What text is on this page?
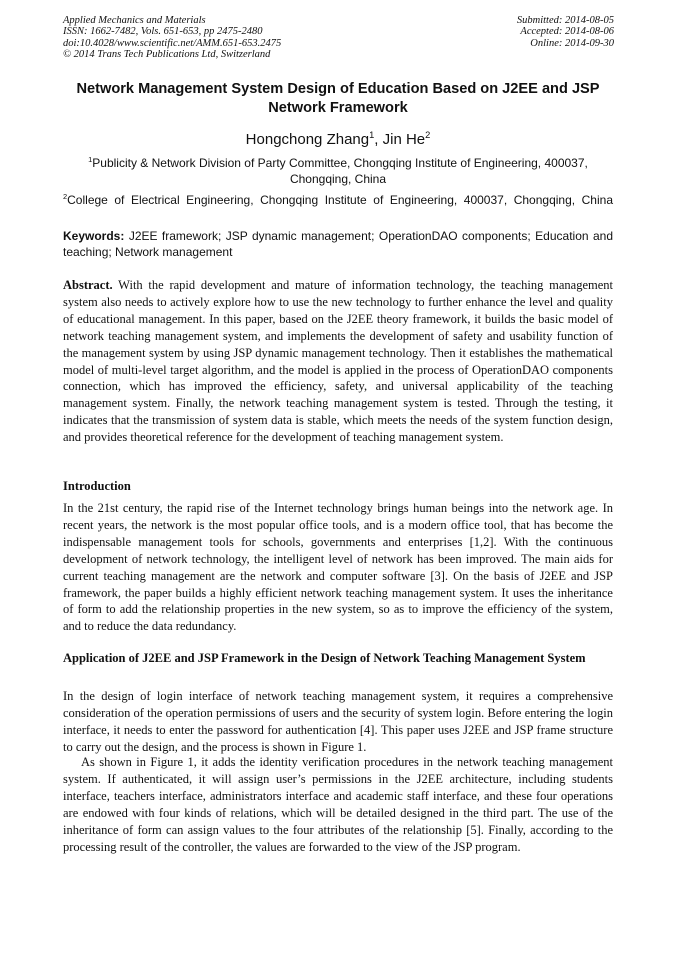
Applied Mechanics and Materials
ISSN: 1662-7482, Vols. 651-653, pp 2475-2480
doi:10.4028/www.scientific.net/AMM.651-653.2475
© 2014 Trans Tech Publications Ltd, Switzerland
Submitted: 2014-08-05
Accepted: 2014-08-06
Online: 2014-09-30
Network Management System Design of Education Based on J2EE and JSP Network Framework
Hongchong Zhang$^1$, Jin He$^2$
$^1$Publicity & Network Division of Party Committee, Chongqing Institute of Engineering, 400037, Chongqing, China
$^2$College of Electrical Engineering, Chongqing Institute of Engineering, 400037, Chongqing, China
Keywords: J2EE framework; JSP dynamic management; OperationDAO components; Education and teaching; Network management

Abstract. With the rapid development and mature of information technology, the teaching management system also needs to actively explore how to use the new technology to further enhance the level and quality of educational management. In this paper, based on the J2EE theory framework, it builds the basic model of network teaching management system, and implements the development of safety and usability function of the management system by using JSP dynamic management technology. Then it establishes the mathematical model of multi-level target algorithm, and the model is applied in the process of OperationDAO components connection, which has improved the efficiency, safety, and universal applicability of the teaching management system. Finally, the network teaching management system is tested. Through the testing, it indicates that the transmission of system data is stable, which meets the needs of the system function design, and provides theoretical reference for the development of teaching management system.

Introduction

In the 21st century, the rapid rise of the Internet technology brings human beings into the network age. In recent years, the network is the most popular office tools, and is a modern office tool, that has become the indispensable management tools for schools, governments and enterprises [1,2]. With the continuous development of network technology, the intelligent level of network has been improved. The main aids for current teaching management are the network and computer software [3]. On the basis of J2EE and JSP framework, the paper builds a highly efficient network teaching management system. It uses the inheritance of form to add the relationship properties in the new system, so as to improve the efficiency of the system, and to reduce the data redundancy.

Application of J2EE and JSP Framework in the Design of Network Teaching Management System

In the design of login interface of network teaching management system, it requires a comprehensive consideration of the operation permissions of users and the security of system login. Before entering the login interface, it needs to enter the password for authentication [4]. This paper uses J2EE and JSP frame structure to carry out the design, and the process is shown in Figure 1.

As shown in Figure 1, it adds the identity verification procedures in the network teaching management system. If authenticated, it will assign user’s permissions in the J2EE architecture, including students interface, teachers interface, administrators interface and academic staff interface, and these four operations are endowed with four kinds of relations, which will be detailed designed in the third part. The use of the inheritance of form can assign values to the four attributes of the relationship [5]. Finally, according to the processing result of the controller, the values are forwarded to the view of the JSP program.
